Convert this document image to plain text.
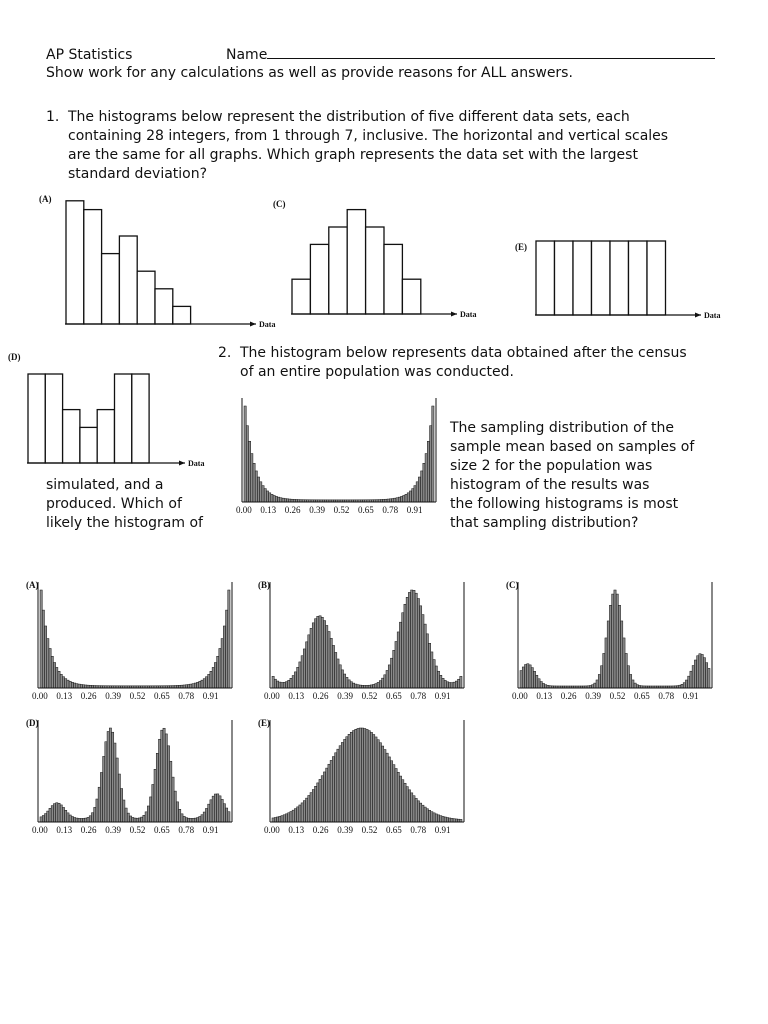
AP Statistics	Name
Show work for any calculations as well as provide reasons for ALL answers.
1. The histograms below represent the distribution of five different data sets, each
containing 28 integers, from 1 through 7, inclusive. The horizontal and vertical scales
are the same for all graphs. Which graph represents the data set with the largest
standard deviation?
Data
(A)
Data
(C)
Data
(E)
Data
(D)	2. The histogram below represents data obtained after the census
of an entire population was conducted.
simulated, and a
produced. Which of
likely the histogram of
The sampling distribution of the
sample mean based on samples of
size 2 for the population was
histogram of the results was
the following histograms is most
that sampling distribution?
0.00 0.13 0.26 0.39 0.52 0.65 0.78 0.91
0.00 0.13 0.26 0.39 0.52 0.65 0.78 0.91
(A)
0.00 0.13 0.26 0.39 0.52 0.65 0.78 0.91
(B)
0.00 0.13 0.26 0.39 0.52 0.65 0.78 0.91
(C)
0.00 0.13 0.26 0.39 0.52 0.65 0.78 0.91
(D)
0.00 0.13 0.26 0.39 0.52 0.65 0.78 0.91
(E)
